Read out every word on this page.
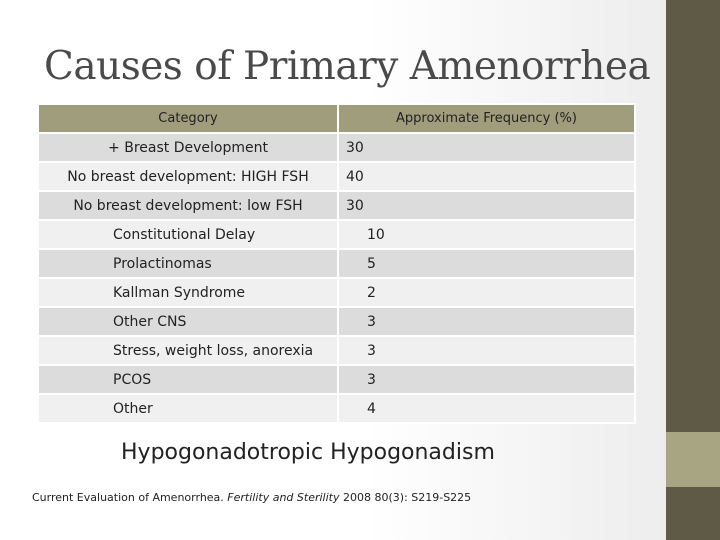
Causes of Primary Amenorrhea
Category	Approximate Frequency (%)
+ Breast Development	30
No breast development: HIGH FSH	40
No breast development: low FSH	30
Constitutional Delay	10
Prolactinomas	5
Kallman Syndrome	2
Other CNS	3
Stress, weight loss, anorexia	3
PCOS	3
Other	4
Hypogonadotropic Hypogonadism
Current Evaluation of Amenorrhea. Fertility and Sterility 2008 80(3): S219-S225
